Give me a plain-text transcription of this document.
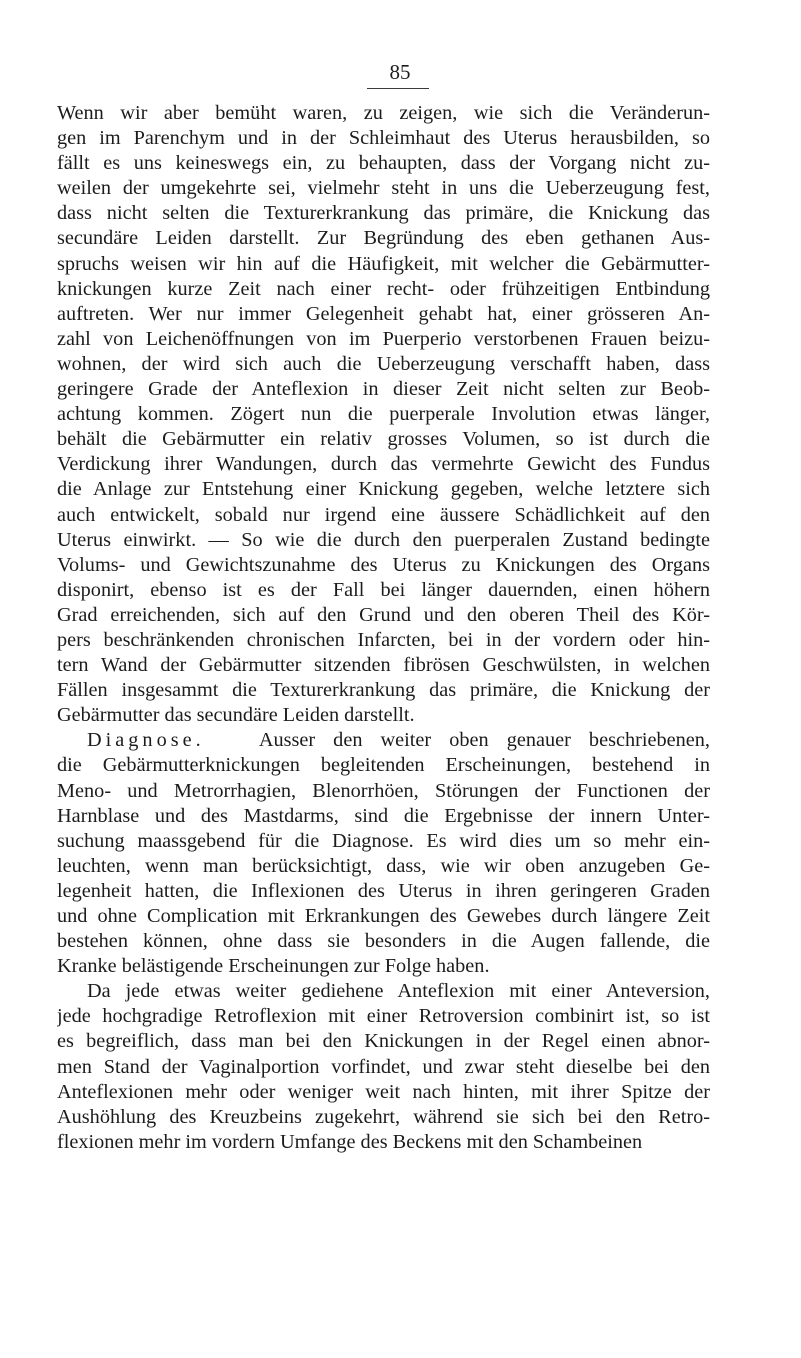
85
Wenn wir aber bemüht waren, zu zeigen, wie sich die Veränderun-
gen im Parenchym und in der Schleimhaut des Uterus herausbilden, so
fällt es uns keineswegs ein, zu behaupten, dass der Vorgang nicht zu-
weilen der umgekehrte sei, vielmehr steht in uns die Ueberzeugung fest,
dass nicht selten die Texturerkrankung das primäre, die Knickung das
secundäre Leiden darstellt. Zur Begründung des eben gethanen Aus-
spruchs weisen wir hin auf die Häufigkeit, mit welcher die Gebärmutter-
knickungen kurze Zeit nach einer recht- oder frühzeitigen Entbindung
auftreten. Wer nur immer Gelegenheit gehabt hat, einer grösseren An-
zahl von Leichenöffnungen von im Puerperio verstorbenen Frauen beizu-
wohnen, der wird sich auch die Ueberzeugung verschafft haben, dass
geringere Grade der Anteflexion in dieser Zeit nicht selten zur Beob-
achtung kommen. Zögert nun die puerperale Involution etwas länger,
behält die Gebärmutter ein relativ grosses Volumen, so ist durch die
Verdickung ihrer Wandungen, durch das vermehrte Gewicht des Fundus
die Anlage zur Entstehung einer Knickung gegeben, welche letztere sich
auch entwickelt, sobald nur irgend eine äussere Schädlichkeit auf den
Uterus einwirkt. — So wie die durch den puerperalen Zustand bedingte
Volums- und Gewichtszunahme des Uterus zu Knickungen des Organs
disponirt, ebenso ist es der Fall bei länger dauernden, einen höhern
Grad erreichenden, sich auf den Grund und den oberen Theil des Kör-
pers beschränkenden chronischen Infarcten, bei in der vordern oder hin-
tern Wand der Gebärmutter sitzenden fibrösen Geschwülsten, in welchen
Fällen insgesammt die Texturerkrankung das primäre, die Knickung der
Gebärmutter das secundäre Leiden darstellt.
Diagnose.	Ausser den weiter oben genauer beschriebenen,
die Gebärmutterknickungen begleitenden Erscheinungen, bestehend in
Meno- und Metrorrhagien, Blenorrhöen, Störungen der Functionen der
Harnblase und des Mastdarms, sind die Ergebnisse der innern Unter-
suchung maassgebend für die Diagnose. Es wird dies um so mehr ein-
leuchten, wenn man berücksichtigt, dass, wie wir oben anzugeben Ge-
legenheit hatten, die Inflexionen des Uterus in ihren geringeren Graden
und ohne Complication mit Erkrankungen des Gewebes durch längere Zeit
bestehen können, ohne dass sie besonders in die Augen fallende, die
Kranke belästigende Erscheinungen zur Folge haben.
Da jede etwas weiter gediehene Anteflexion mit einer Anteversion,
jede hochgradige Retroflexion mit einer Retroversion combinirt ist, so ist
es begreiflich, dass man bei den Knickungen in der Regel einen abnor-
men Stand der Vaginalportion vorfindet, und zwar steht dieselbe bei den
Anteflexionen mehr oder weniger weit nach hinten, mit ihrer Spitze der
Aushöhlung des Kreuzbeins zugekehrt, während sie sich bei den Retro-
flexionen mehr im vordern Umfange des Beckens mit den Schambeinen
